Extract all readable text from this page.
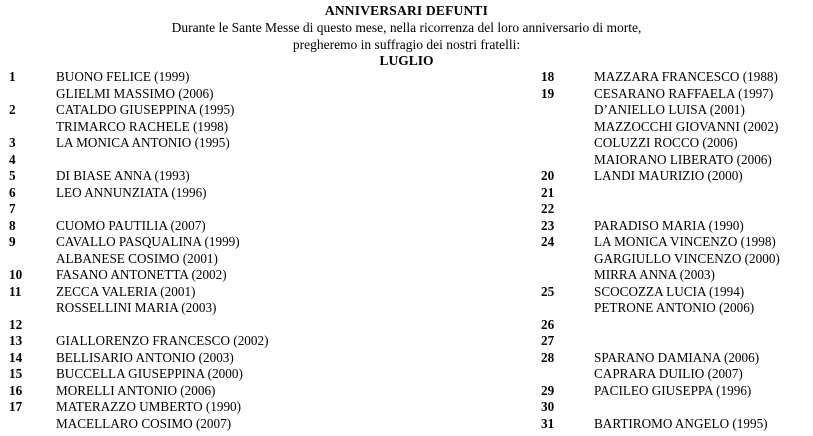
ANNIVERSARI DEFUNTI
Durante le Sante Messe di questo mese, nella ricorrenza del loro anniversario di morte,
pregheremo in suffragio dei nostri fratelli:
LUGLIO
1	BUONO FELICE (1999)
GLIELMI MASSIMO (2006)
2	CATALDO GIUSEPPINA (1995)
TRIMARCO RACHELE (1998)
3	LA MONICA ANTONIO (1995)
4
5	DI BIASE ANNA (1993)
6	LEO ANNUNZIATA (1996)
7
8	CUOMO PAUTILIA (2007)
9	CAVALLO PASQUALINA (1999)
ALBANESE COSIMO (2001)
10	FASANO ANTONETTA (2002)
11	ZECCA VALERIA (2001)
ROSSELLINI MARIA (2003)
12
13	GIALLORENZO FRANCESCO (2002)
14	BELLISARIO ANTONIO (2003)
15	BUCCELLA GIUSEPPINA (2000)
16	MORELLI ANTONIO (2006)
17	MATERAZZO UMBERTO (1990)
MACELLARO COSIMO (2007)
18	MAZZARA FRANCESCO (1988)
19	CESARANO RAFFAELA (1997)
D’ANIELLO LUISA (2001)
MAZZOCCHI GIOVANNI (2002)
COLUZZI ROCCO (2006)
MAIORANO LIBERATO (2006)
20	LANDI MAURIZIO (2000)
21
22
23	PARADISO MARIA (1990)
24	LA MONICA VINCENZO (1998)
GARGIULLO VINCENZO (2000)
MIRRA ANNA (2003)
25	SCOCOZZA LUCIA (1994)
PETRONE ANTONIO (2006)
26
27
28	SPARANO DAMIANA (2006)
CAPRARA DUILIO (2007)
29	PACILEO GIUSEPPA (1996)
30
31	BARTIROMO ANGELO (1995)
